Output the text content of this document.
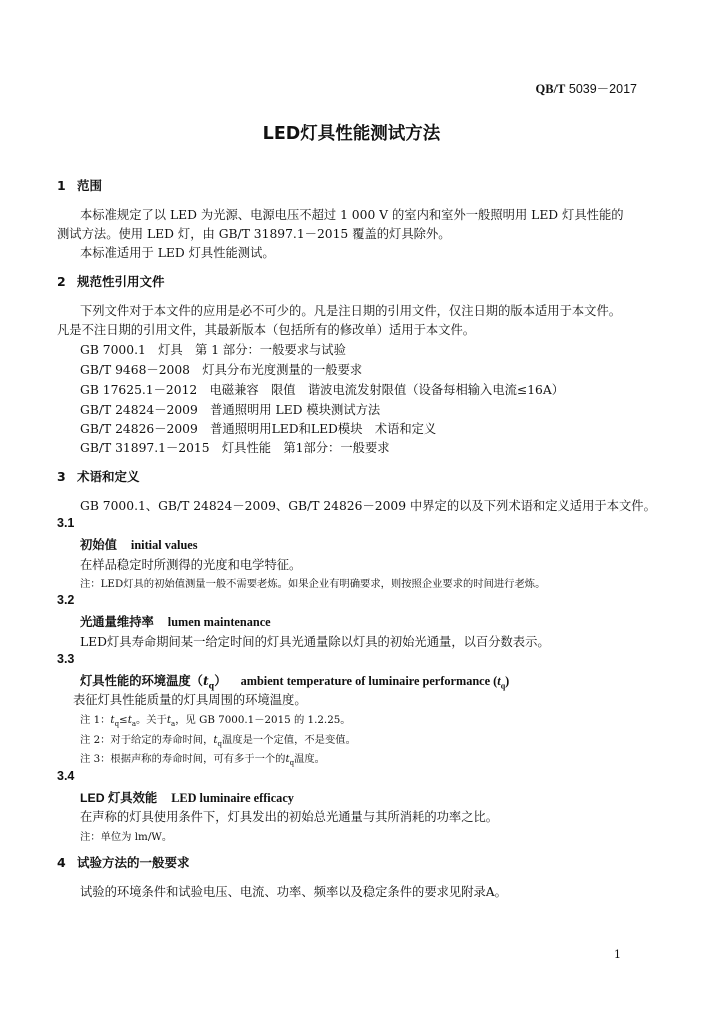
QB/T 5039－2017
LED灯具性能测试方法
1 范围
本标准规定了以 LED 为光源、电源电压不超过 1 000 V 的室内和室外一般照明用 LED 灯具性能的
测试方法。使用 LED 灯，由 GB/T 31897.1－2015 覆盖的灯具除外。
本标准适用于 LED 灯具性能测试。
2 规范性引用文件
下列文件对于本文件的应用是必不可少的。凡是注日期的引用文件，仅注日期的版本适用于本文件。
凡是不注日期的引用文件，其最新版本（包括所有的修改单）适用于本文件。
GB 7000.1　灯具　第 1 部分：一般要求与试验
GB/T 9468－2008　灯具分布光度测量的一般要求
GB 17625.1－2012　电磁兼容　限值　谐波电流发射限值（设备每相输入电流≤16A）
GB/T 24824－2009　普通照明用 LED 模块测试方法
GB/T 24826－2009　普通照明用LED和LED模块　术语和定义
GB/T 31897.1－2015　灯具性能　第1部分：一般要求
3 术语和定义
GB 7000.1、GB/T 24824－2009、GB/T 24826－2009 中界定的以及下列术语和定义适用于本文件。
3.1
初始值 initial values
在样品稳定时所测得的光度和电学特征。
注：LED灯具的初始值测量一般不需要老炼。如果企业有明确要求，则按照企业要求的时间进行老炼。
3.2
光通量维持率 lumen maintenance
LED灯具寿命期间某一给定时间的灯具光通量除以灯具的初始光通量，以百分数表示。
3.3
灯具性能的环境温度$(t_q)$ ambient temperature of luminaire performance $(t_q)$
表征灯具性能质量的灯具周围的环境温度。
注 1：$t_q\le t_a$。关于$t_a$，见 GB 7000.1－2015 的 1.2.25。
注 2：对于给定的寿命时间，$t_q$温度是一个定值，不是变值。
注 3：根据声称的寿命时间，可有多于一个的$t_q$温度。
3.4
LED 灯具效能 LED luminaire efficacy
在声称的灯具使用条件下，灯具发出的初始总光通量与其所消耗的功率之比。
注：单位为 lm/W。
4 试验方法的一般要求
试验的环境条件和试验电压、电流、功率、频率以及稳定条件的要求见附录A。
1
